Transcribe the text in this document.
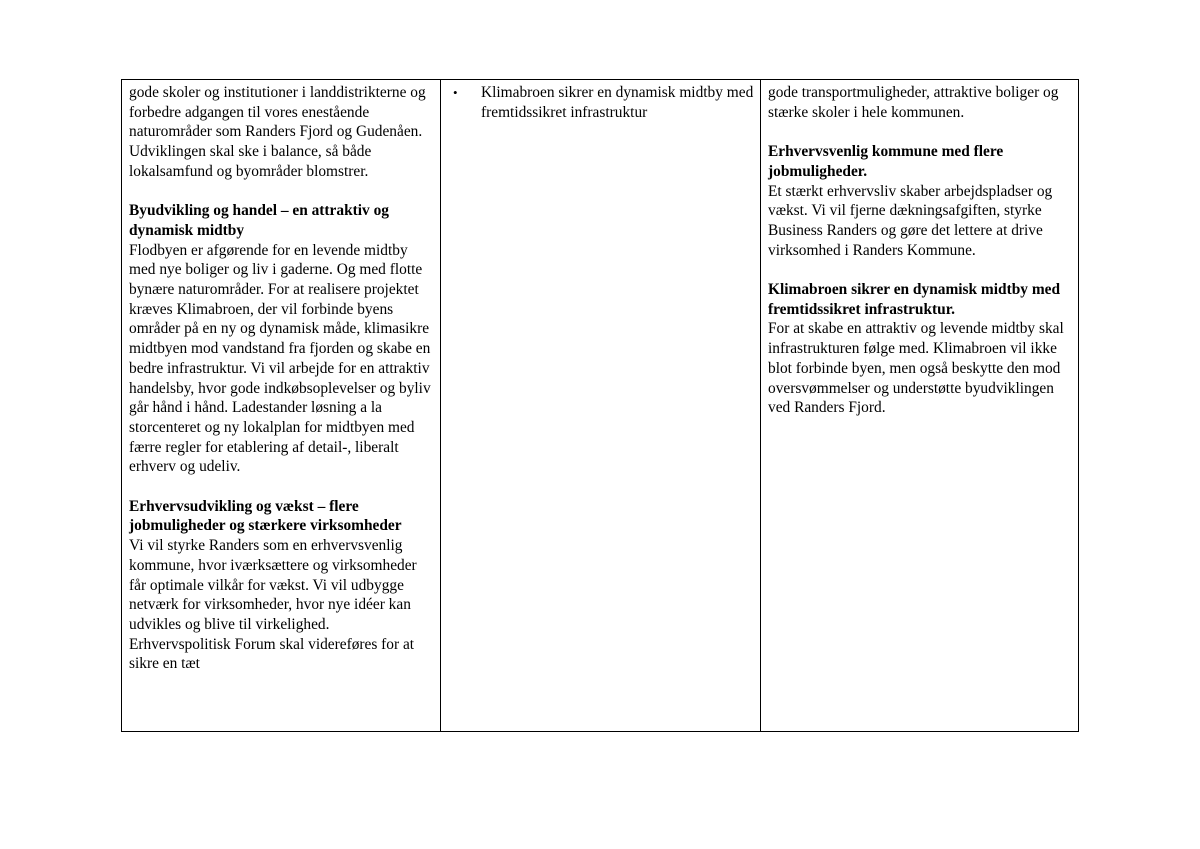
gode skoler og institutioner i landdistrikterne og forbedre adgangen til vores enestående naturområder som Randers Fjord og Gudenåen. Udviklingen skal ske i balance, så både lokalsamfund og byområder blomstrer.

Byudvikling og handel – en attraktiv og dynamisk midtby

Flodbyen er afgørende for en levende midtby med nye boliger og liv i gaderne. Og med flotte bynære naturområder. For at realisere projektet kræves Klimabroen, der vil forbinde byens områder på en ny og dynamisk måde, klimasikre midtbyen mod vandstand fra fjorden og skabe en bedre infrastruktur. Vi vil arbejde for en attraktiv handelsby, hvor gode indkøbsoplevelser og byliv går hånd i hånd. Ladestander løsning a la storcenteret og ny lokalplan for midtbyen med færre regler for etablering af detail-, liberalt erhverv og udeliv.

Erhvervsudvikling og vækst – flere jobmuligheder og stærkere virksomheder

Vi vil styrke Randers som en erhvervsvenlig kommune, hvor iværksættere og virksomheder får optimale vilkår for vækst. Vi vil udbygge netværk for virksomheder, hvor nye idéer kan udvikles og blive til virkelighed. Erhvervspolitisk Forum skal videreføres for at sikre en tæt

•	Klimabroen sikrer en dynamisk midtby med fremtidssikret infrastruktur

gode transportmuligheder, attraktive boliger og stærke skoler i hele kommunen.

Erhvervsvenlig kommune med flere jobmuligheder.

Et stærkt erhvervsliv skaber arbejdspladser og vækst. Vi vil fjerne dækningsafgiften, styrke Business Randers og gøre det lettere at drive virksomhed i Randers Kommune.

Klimabroen sikrer en dynamisk midtby med fremtidssikret infrastruktur.

For at skabe en attraktiv og levende midtby skal infrastrukturen følge med. Klimabroen vil ikke blot forbinde byen, men også beskytte den mod oversvømmelser og understøtte byudviklingen ved Randers Fjord.
